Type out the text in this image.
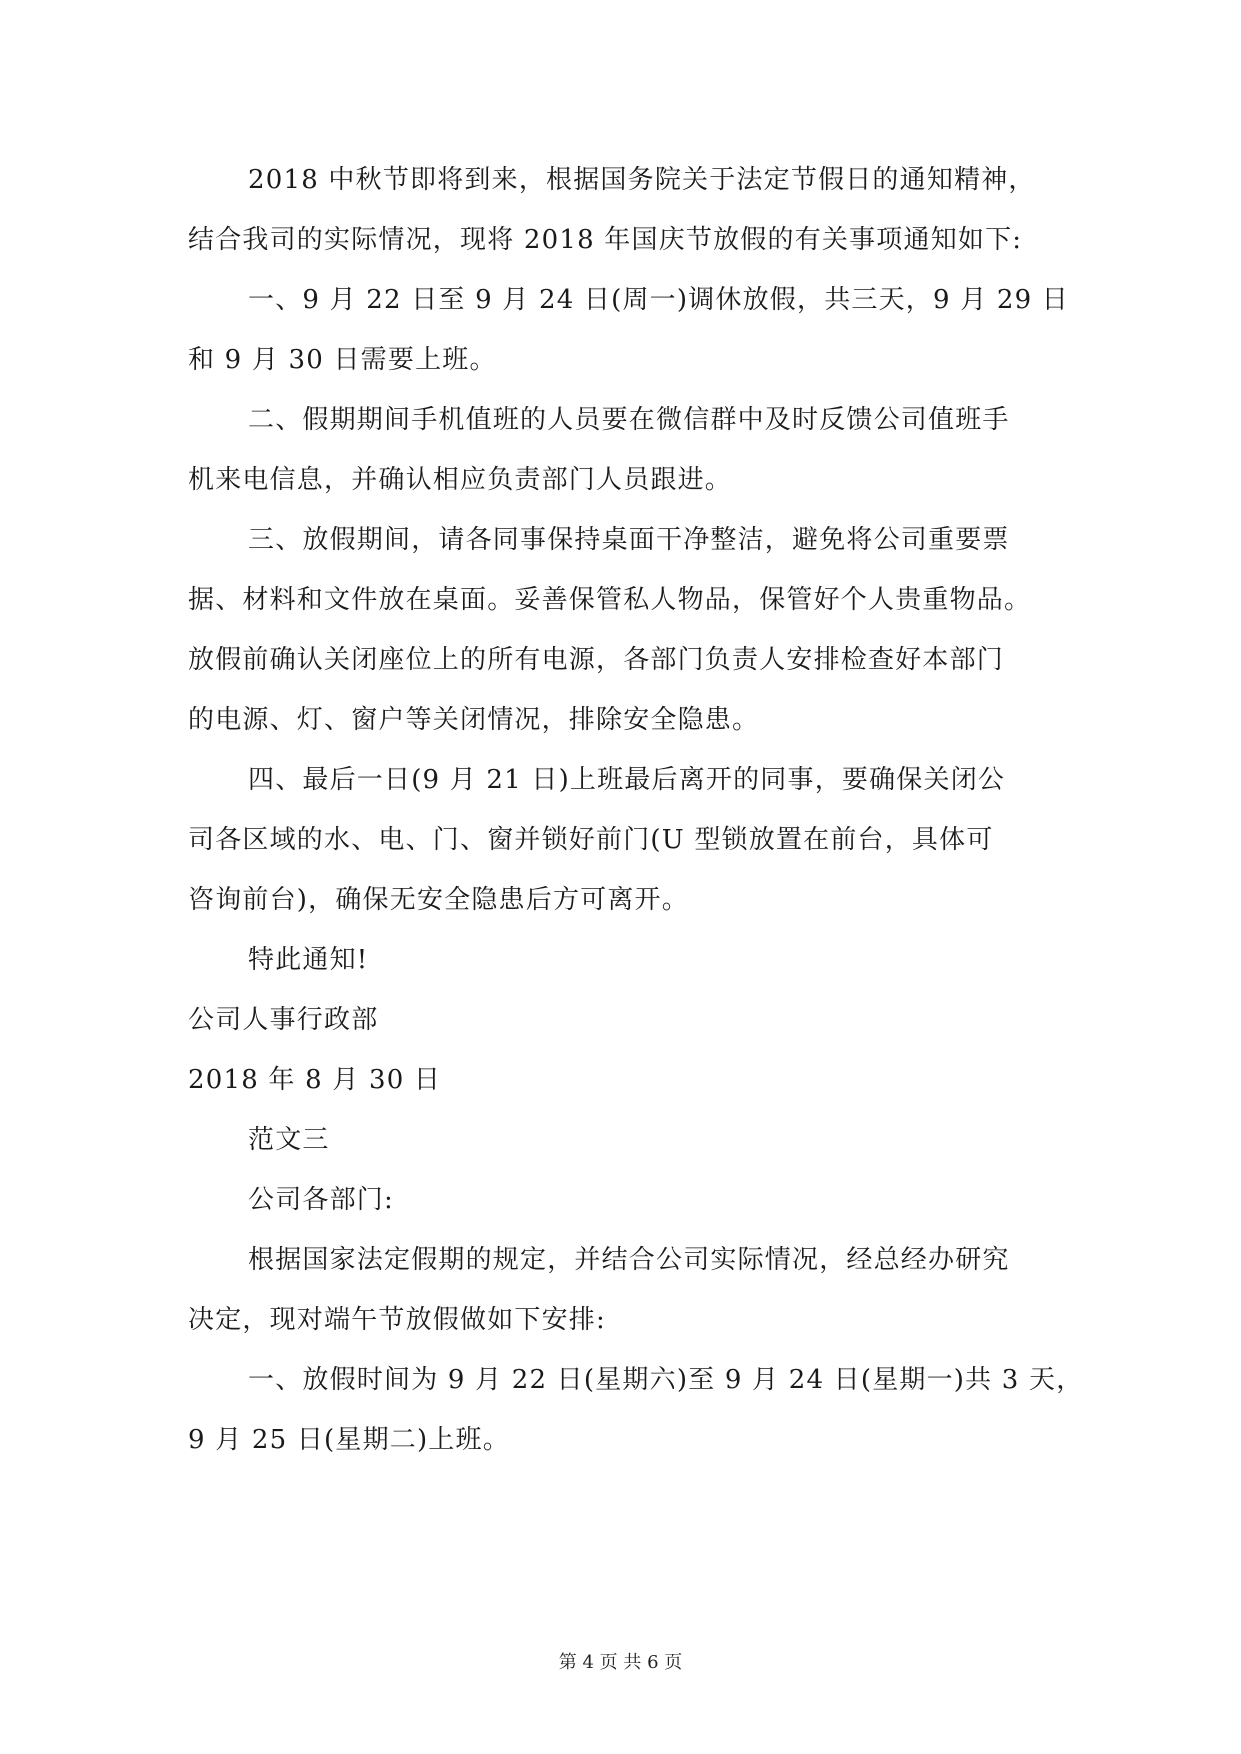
2018 中秋节即将到来，根据国务院关于法定节假日的通知精神，
结合我司的实际情况，现将 2018 年国庆节放假的有关事项通知如下:
一、9 月 22 日至 9 月 24 日(周一)调休放假，共三天，9 月 29 日
和 9 月 30 日需要上班。
二、假期期间手机值班的人员要在微信群中及时反馈公司值班手
机来电信息，并确认相应负责部门人员跟进。
三、放假期间，请各同事保持桌面干净整洁，避免将公司重要票
据、材料和文件放在桌面。妥善保管私人物品，保管好个人贵重物品。
放假前确认关闭座位上的所有电源，各部门负责人安排检查好本部门
的电源、灯、窗户等关闭情况，排除安全隐患。
四、最后一日(9 月 21 日)上班最后离开的同事，要确保关闭公
司各区域的水、电、门、窗并锁好前门(U 型锁放置在前台，具体可
咨询前台)，确保无安全隐患后方可离开。
特此通知!
公司人事行政部
2018 年 8 月 30 日
范文三
公司各部门:
根据国家法定假期的规定，并结合公司实际情况，经总经办研究
决定，现对端午节放假做如下安排:
一、放假时间为 9 月 22 日(星期六)至 9 月 24 日(星期一)共 3 天，
9 月 25 日(星期二)上班。
第 4 页 共 6 页
